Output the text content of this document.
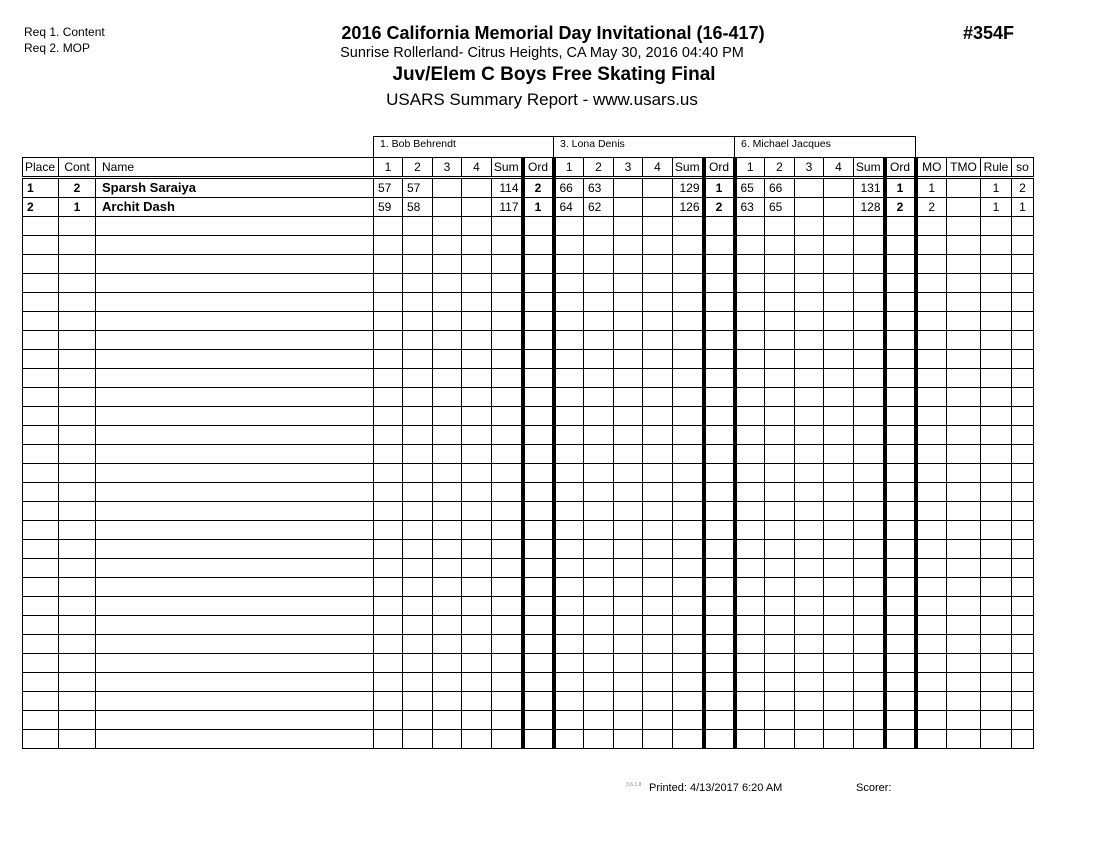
Req 1. Content
Req 2. MOP
2016 California Memorial Day Invitational (16-417)
Sunrise Rollerland- Citrus Heights, CA May 30, 2016 04:40 PM
Juv/Elem C Boys Free Skating Final
USARS Summary Report - www.usars.us
#354F
1. Bob Behrendt	3. Lona Denis	6. Michael Jacques
Place	Cont	Name	1	2	3	4	Sum	Ord	1	2	3	4	Sum	Ord	1	2	3	4	Sum	Ord	MO	TMO	Rule	so
1	2	Sparsh Saraiya	57	57			114	2	66	63			129	1	65	66			131	1	1		1	2
2	1	Archit Dash	59	58			117	1	64	62			126	2	63	65			128	2	2		1	1

3.6.1.8 Printed: 4/13/2017 6:20 AM	Scorer:
